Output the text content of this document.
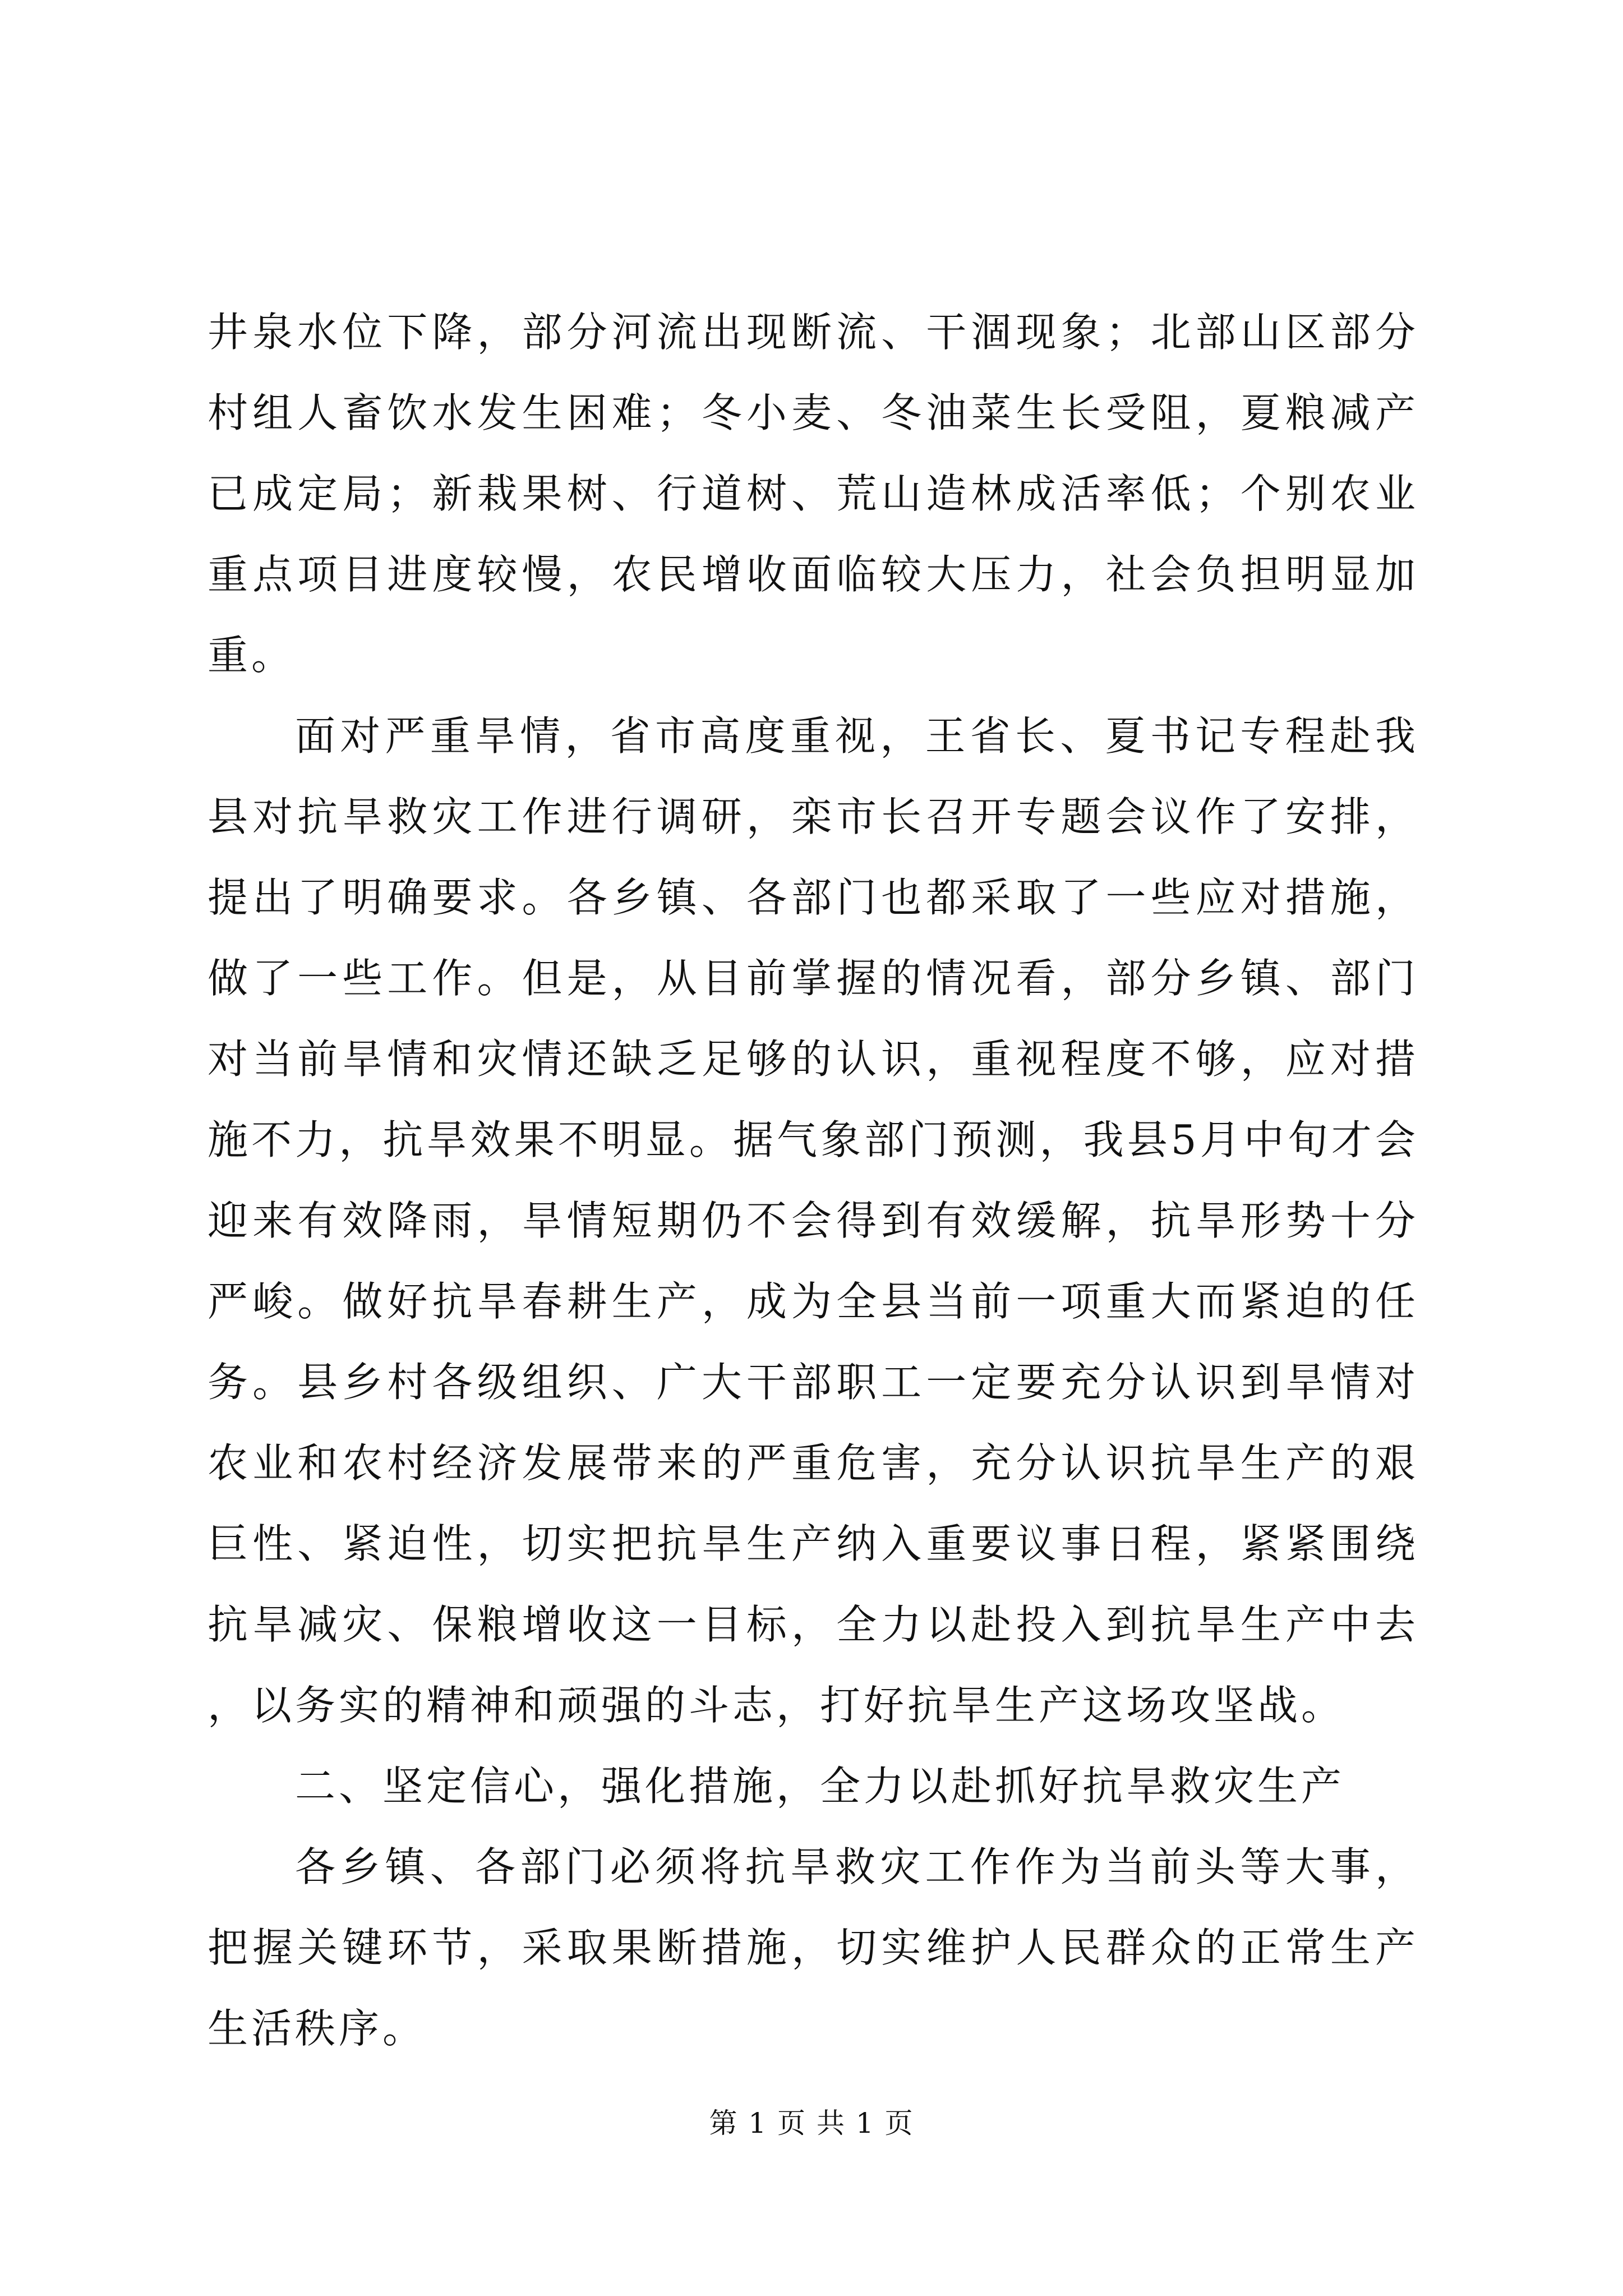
井泉水位下降，部分河流出现断流、干涸现象；北部山区部分村组人畜饮水发生困难；冬小麦、冬油菜生长受阻，夏粮减产已成定局；新栽果树、行道树、荒山造林成活率低；个别农业重点项目进度较慢，农民增收面临较大压力，社会负担明显加重。

面对严重旱情，省市高度重视，王省长、夏书记专程赴我县对抗旱救灾工作进行调研，栾市长召开专题会议作了安排，提出了明确要求。各乡镇、各部门也都采取了一些应对措施，做了一些工作。但是，从目前掌握的情况看，部分乡镇、部门对当前旱情和灾情还缺乏足够的认识，重视程度不够，应对措施不力，抗旱效果不明显。据气象部门预测，我县5月中旬才会迎来有效降雨，旱情短期仍不会得到有效缓解，抗旱形势十分严峻。做好抗旱春耕生产，成为全县当前一项重大而紧迫的任务。县乡村各级组织、广大干部职工一定要充分认识到旱情对农业和农村经济发展带来的严重危害，充分认识抗旱生产的艰巨性、紧迫性，切实把抗旱生产纳入重要议事日程，紧紧围绕抗旱减灾、保粮增收这一目标，全力以赴投入到抗旱生产中去，以务实的精神和顽强的斗志，打好抗旱生产这场攻坚战。

二、坚定信心，强化措施，全力以赴抓好抗旱救灾生产

各乡镇、各部门必须将抗旱救灾工作作为当前头等大事，把握关键环节，采取果断措施，切实维护人民群众的正常生产生活秩序。

第 1 页 共 1 页
